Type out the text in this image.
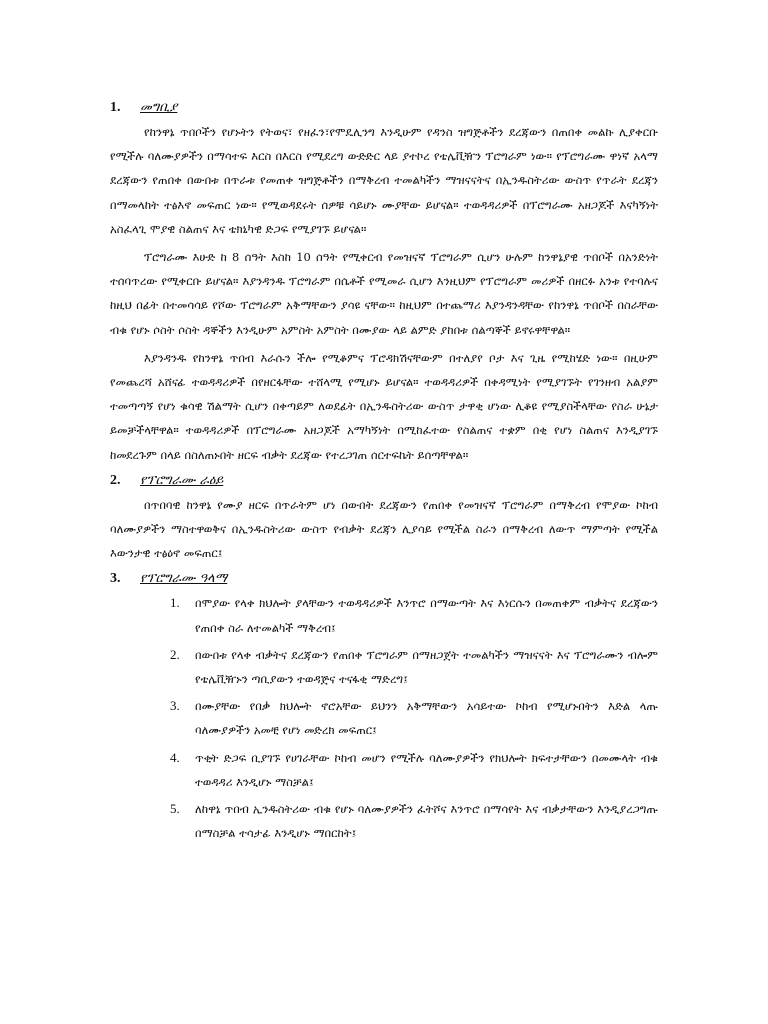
1.	መግቢያ

የከንዋኔ ጥበቦችን የሆኑትን የትወና፣ የዘፈን፣የሞዴሊንግ እንዲሁም የዳንስ ዝግጅቶችን ደረጃውን በጠበቀ መልኩ ሊያቀርቡ የሚችሉ ባለሙያዎችን በማሳተፍ እርስ በእርስ የሚደረግ ውድድር ላይ ያተኮረ የቴሌቪዥን ፕሮግራም ነው። የፕሮግራሙ ዋነኛ አላማ ደረጃውን የጠበቀ በውበቱ በጥራቱ የመጠቀ ዝግጅቶችን በማቅረብ ተመልካችን ማዝናናትና በኢንዱስትሪው ውስጥ የጥራት ደረጃን በማመላከት ተፅእኖ መፍጠር ነው። የሚወዳደሩት ሰዎቹ ሳይሆኑ ሙያቸው ይሆናል። ተወዳዳሪዎች በፕሮግራሙ አዘጋጆች እናካኝነት አስፈላጊ ሞያዊ ስልጠና እና ቴክኒካዊ ድጋፍ የሚያገኙ ይሆናል።

ፕሮግራሙ እሁድ ከ 8 ሰዓት እስከ 10 ሰዓት የሚቀርብ የመዝናኛ ፕሮግራም ሲሆን ሁሉም ከንዋኔያዊ ጥበቦች በአንድነት ተሰባጥረው የሚቀርቡ ይሆናል። እያንዳንዱ ፕሮግራም በሴቶች የሚመራ ሲሆን እንዚህም የፕሮግራም መሪዎች በዘርፉ አንቱ የተባሉና ከዚህ በፊት በተመሳሳይ የሾው ፕሮግራም አቅማቸውን ያሳዩ ናቸው። ከዚህም በተጨማሪ እያንዳንዳቸው የከንዋኔ ጥበቦች በስራቸው ብቁ የሆኑ ሶስት ሶስት ዳኞችን እንዲሁም አምስት አምስት በሙያው ላይ ልምድ ያከበቱ ሰልጣኞች ይኖሩዋቸዋል።

እያንዳንዱ የከንዋኔ ጥበብ እራሱን ችሎ የሚቆምና ፕሮዳክሽናቸውም በተለያየ ቦታ እና ጊዜ የሚከሄድ ነው። በዚሁም የመጨረሻ አሸናፊ ተወዳዳሪዎች በየዘርፋቸው ተሸላሚ የሚሆኑ ይሆናል። ተወዳዳሪዎች በቀዳሚነት የሚያገኙት የገንዘብ አልያም ተመጣጣኝ የሆነ ቁሳዊ ሽልማት ሲሆን በቀጣይም ለወደፊት በኢንዱስትሪው ውስጥ ታዋቂ ሆነው ሊቆዩ የሚያስችላቸው የስራ ሁኔታ ይመቻችላቸዋል። ተወዳዳሪዎች በፕሮግራሙ አዘጋጆች አማካኝነት በሚከፈተው የስልጠና ተቋም በቂ የሆነ ስልጠና እንዲያገኙ ከመደረጉም በላይ በስለጠኑበት ዘርፍ ብቃት ደረጃው የተረጋገጠ ሰርተፍኬት ይሰጣቸዋል።

2.	የፕሮግራሙ ራዕይ

በጥበባዊ ከንዋኔ የሙያ ዘርፍ በጥራትም ሆነ በውበት ደረጃውን የጠበቀ የመዝናኛ ፕሮግራም በማቅረብ የሞያው ኮከብ ባለሙያዎችን ማስተዋወቅና በኢንዱስትሪው ውስጥ የብቃት ደረጃን ሊያሳይ የሚችል ስራን በማቅረብ ለውጥ ማምጣት የሚችል እውንታዊ ተፅዕኖ መፍጠር፤

3.	የፕሮግራሙ ዓላማ
1.	በሞያው የላቀ ክህሎት ያላቸውን ተወዳዳሪዎች እንጥሮ በማውጣት እና እነርሱን በመጠቀም ብቃትና ደረጃውን የጠበቀ ስራ ለተመልካች ማቅረብ፤
2.	በውበቱ የላቀ ብቃትና ደረጃውን የጠበቀ ፕሮግራም በማዘጋጀት ተመልካችን ማዝናናት እና ፕሮግራሙን ብሎም የቴሌቪዥኑን ጣቢያውን ተወዳጅና ተናፋቂ ማድረግ፤
3.	በሙያቸው የበቃ ክህሎት ኖሮአቸው ይህንን አቅማቸውን አሳይተው ኮከብ የሚሆኑበትን እድል ላጡ ባለሙያዎችን አመቺ የሆነ መድረክ መፍጠር፤
4.	ጥቂት ድጋፍ ቢያገኙ የሀገራቸው ኮከብ መሆን የሚችሉ ባለሙያዎችን የክህሎት ክፍተታቸውን በመሙላት ብቁ ተወዳዳሪ እንዲሆኑ ማስቻል፤
5.	ለከዋኔ ጥበብ ኢንዱስትሪው ብቁ የሆኑ ባለሙያዎችን ፈትሾና እንጥሮ በማሳየት እና ብቃታቸውን እንዲያረጋግጡ በማስቻል ተሳታፊ እንዲሆኑ ማበርከት፤
